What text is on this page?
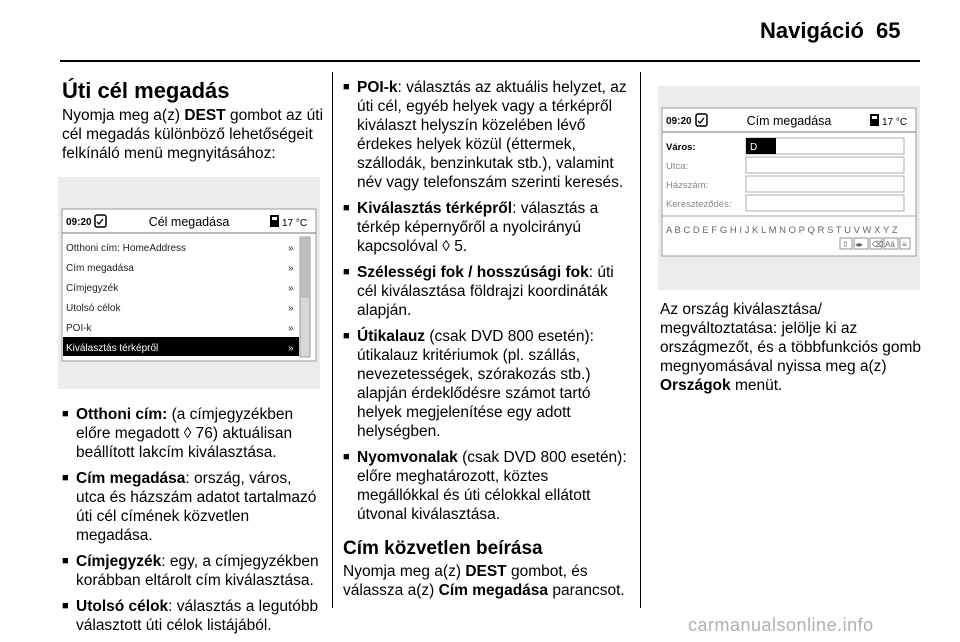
Navigáció 65
Úti cél megadás

Nyomja meg a(z) DEST gombot az úti cél megadás különböző lehetőségeit felkínáló menü megnyitásához:

09:20	Cél megadása	17 °C
Otthoni cím: HomeAddress	»
Cím megadása	»
Címjegyzék	»
Utolsó célok	»
POI-k	»
Kiválasztás térképről	»
■ Otthoni cím: (a címjegyzékben előre megadott ◊ 76) aktuálisan beállított lakcím kiválasztása.
■ Cím megadása: ország, város, utca és házszám adatot tartalmazó úti cél címének közvetlen megadása.
■ Címjegyzék: egy, a címjegyzékben korábban eltárolt cím kiválasztása.
■ Utolsó célok: választás a legutóbb választott úti célok listájából.
■ POI-k: választás az aktuális helyzet, az úti cél, egyéb helyek vagy a térképről kiválaszt helyszín közelében lévő érdekes helyek közül (éttermek, szállodák, benzinkutak stb.), valamint név vagy telefonszám szerinti keresés.
■ Kiválasztás térképről: választás a térkép képernyőről a nyolcirányú kapcsolóval ◊ 5.
■ Szélességi fok / hosszúsági fok: úti cél kiválasztása földrajzi koordináták alapján.
■ Útikalauz (csak DVD 800 esetén): útikalauz kritériumok (pl. szállás, nevezetességek, szórakozás stb.) alapján érdeklődésre számot tartó helyek megjelenítése egy adott helységben.
■ Nyomvonalak (csak DVD 800 esetén): előre meghatározott, köztes megállókkal és úti célokkal ellátott útvonal kiválasztása.
Cím közvetlen beírása

Nyomja meg a(z) DEST gombot, és válassza a(z) Cím megadása parancsot.

09:20	Cím megadása	17 °C
Város:	D
Utca:
Házszám:
Kereszteződés:
A B C D E F G H I J K L M N O P Q R S T U V W X Y Z
⇧ ◂▸ ⌫ Aä ≡

Az ország kiválasztása/ megváltoztatása: jelölje ki az országmezőt, és a többfunkciós gomb megnyomásával nyissa meg a(z) Országok menüt.

carmanualsonline.info
